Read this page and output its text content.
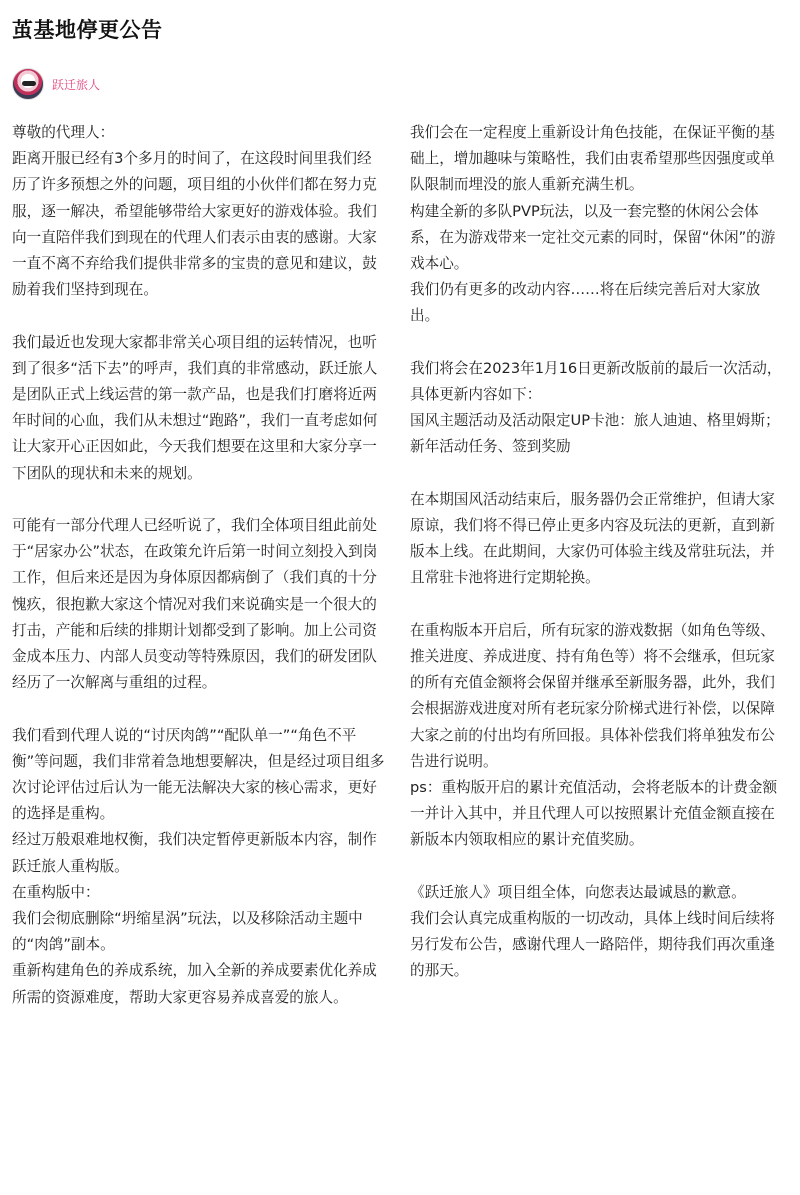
茧基地停更公告
跃迁旅人

尊敬的代理人：

距离开服已经有3个多月的时间了，在这段时间里我们经历了许多预想之外的问题，项目组的小伙伴们都在努力克服，逐一解决，希望能够带给大家更好的游戏体验。我们向一直陪伴我们到现在的代理人们表示由衷的感谢。大家一直不离不弃给我们提供非常多的宝贵的意见和建议，鼓励着我们坚持到现在。

我们最近也发现大家都非常关心项目组的运转情况，也听到了很多“活下去”的呼声，我们真的非常感动，跃迁旅人是团队正式上线运营的第一款产品，也是我们打磨将近两年时间的心血，我们从未想过“跑路”，我们一直考虑如何让大家开心正因如此，今天我们想要在这里和大家分享一下团队的现状和未来的规划。

可能有一部分代理人已经听说了，我们全体项目组此前处于“居家办公”状态，在政策允许后第一时间立刻投入到岗工作，但后来还是因为身体原因都病倒了（我们真的十分愧疚，很抱歉大家这个情况对我们来说确实是一个很大的打击，产能和后续的排期计划都受到了影响。加上公司资金成本压力、内部人员变动等特殊原因，我们的研发团队经历了一次解离与重组的过程。

我们看到代理人说的“讨厌肉鸽”“配队单一”“角色不平衡”等问题，我们非常着急地想要解决，但是经过项目组多次讨论评估过后认为一能无法解决大家的核心需求，更好的选择是重构。

经过万般艰难地权衡，我们决定暂停更新版本内容，制作跃迁旅人重构版。

在重构版中：

我们会彻底删除“坍缩星涡”玩法，以及移除活动主题中的“肉鸽”副本。

重新构建角色的养成系统，加入全新的养成要素优化养成所需的资源难度，帮助大家更容易养成喜爱的旅人。

我们会在一定程度上重新设计角色技能，在保证平衡的基础上，增加趣味与策略性，我们由衷希望那些因强度或单队限制而埋没的旅人重新充满生机。

构建全新的多队PVP玩法，以及一套完整的休闲公会体系，在为游戏带来一定社交元素的同时，保留“休闲”的游戏本心。

我们仍有更多的改动内容……将在后续完善后对大家放出。

我们将会在2023年1月16日更新改版前的最后一次活动，具体更新内容如下：

国风主题活动及活动限定UP卡池：旅人迪迪、格里姆斯；

新年活动任务、签到奖励

在本期国风活动结束后，服务器仍会正常维护，但请大家原谅，我们将不得已停止更多内容及玩法的更新，直到新版本上线。在此期间，大家仍可体验主线及常驻玩法，并且常驻卡池将进行定期轮换。

在重构版本开启后，所有玩家的游戏数据（如角色等级、推关进度、养成进度、持有角色等）将不会继承，但玩家的所有充值金额将会保留并继承至新服务器，此外，我们会根据游戏进度对所有老玩家分阶梯式进行补偿，以保障大家之前的付出均有所回报。具体补偿我们将单独发布公告进行说明。

ps：重构版开启的累计充值活动，会将老版本的计费金额一并计入其中，并且代理人可以按照累计充值金额直接在新版本内领取相应的累计充值奖励。

《跃迁旅人》项目组全体，向您表达最诚恳的歉意。

我们会认真完成重构版的一切改动，具体上线时间后续将另行发布公告，感谢代理人一路陪伴，期待我们再次重逢的那天。
